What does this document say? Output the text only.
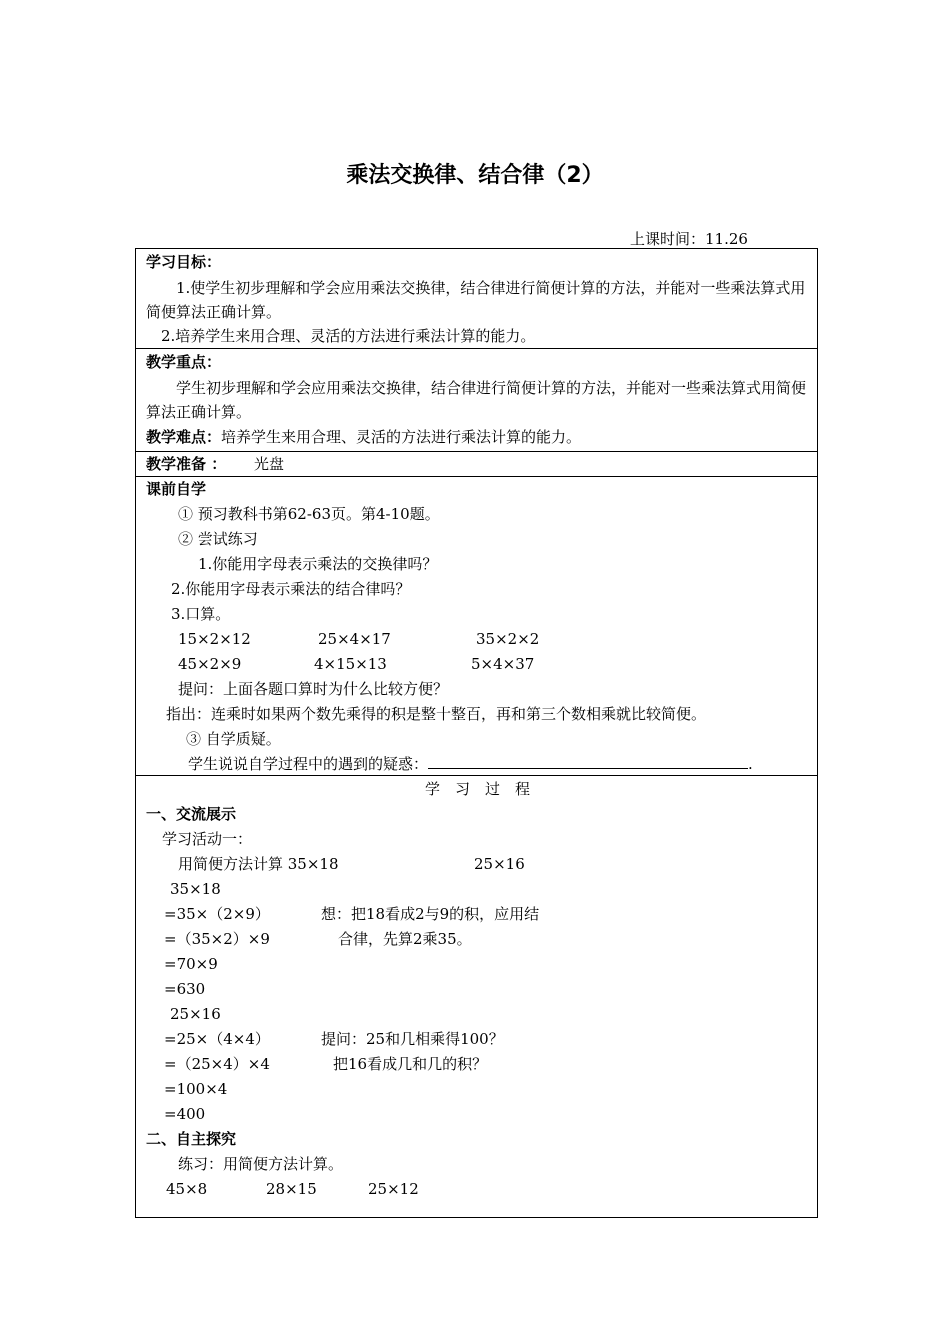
乘法交换律、结合律（2）
上课时间：11.26
学习目标：
1.使学生初步理解和学会应用乘法交换律，结合律进行简便计算的方法，并能对一些乘法算式用简便算法正确计算。
2.培养学生来用合理、灵活的方法进行乘法计算的能力。
教学重点：
学生初步理解和学会应用乘法交换律，结合律进行简便计算的方法，并能对一些乘法算式用简便算法正确计算。
教学难点：培养学生来用合理、灵活的方法进行乘法计算的能力。
教学准备 ： 光盘
课前自学
① 预习教科书第62-63页。第4-10题。
② 尝试练习
1.你能用字母表示乘法的交换律吗？
2.你能用字母表示乘法的结合律吗？
3.口算。
15×2×12	25×4×17	35×2×2
45×2×9	4×15×13	5×4×37
提问：上面各题口算时为什么比较方便？
指出：连乘时如果两个数先乘得的积是整十整百，再和第三个数相乘就比较简便。
③ 自学质疑。
学生说说自学过程中的遇到的疑惑：	.
学　习　过　程
一、交流展示
学习活动一：
用简便方法计算 35×18	25×16
35×18
=35×（2×9）
=（35×2）×9
=70×9
=630
想：把18看成2与9的积，应用结
合律，先算2乘35。
25×16
=25×（4×4）
=（25×4）×4
=100×4
=400
提问：25和几相乘得100？
把16看成几和几的积？
二、自主探究
练习：用简便方法计算。
45×8	28×15	25×12
